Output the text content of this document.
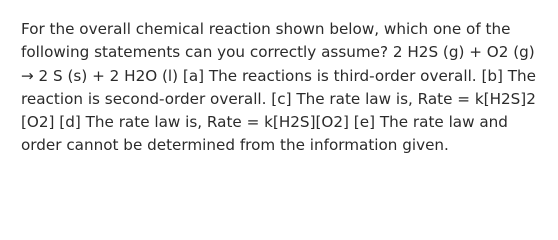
For the overall chemical reaction shown below, which one of the following statements can you correctly assume? 2 H2S (g) + O2 (g) → 2 S (s) + 2 H2O (l) [a] The reactions is third-order overall. [b] The reaction is second-order overall. [c] The rate law is, Rate = k[H2S]2 [O2] [d] The rate law is, Rate = k[H2S][O2] [e] The rate law and order cannot be determined from the information given.
